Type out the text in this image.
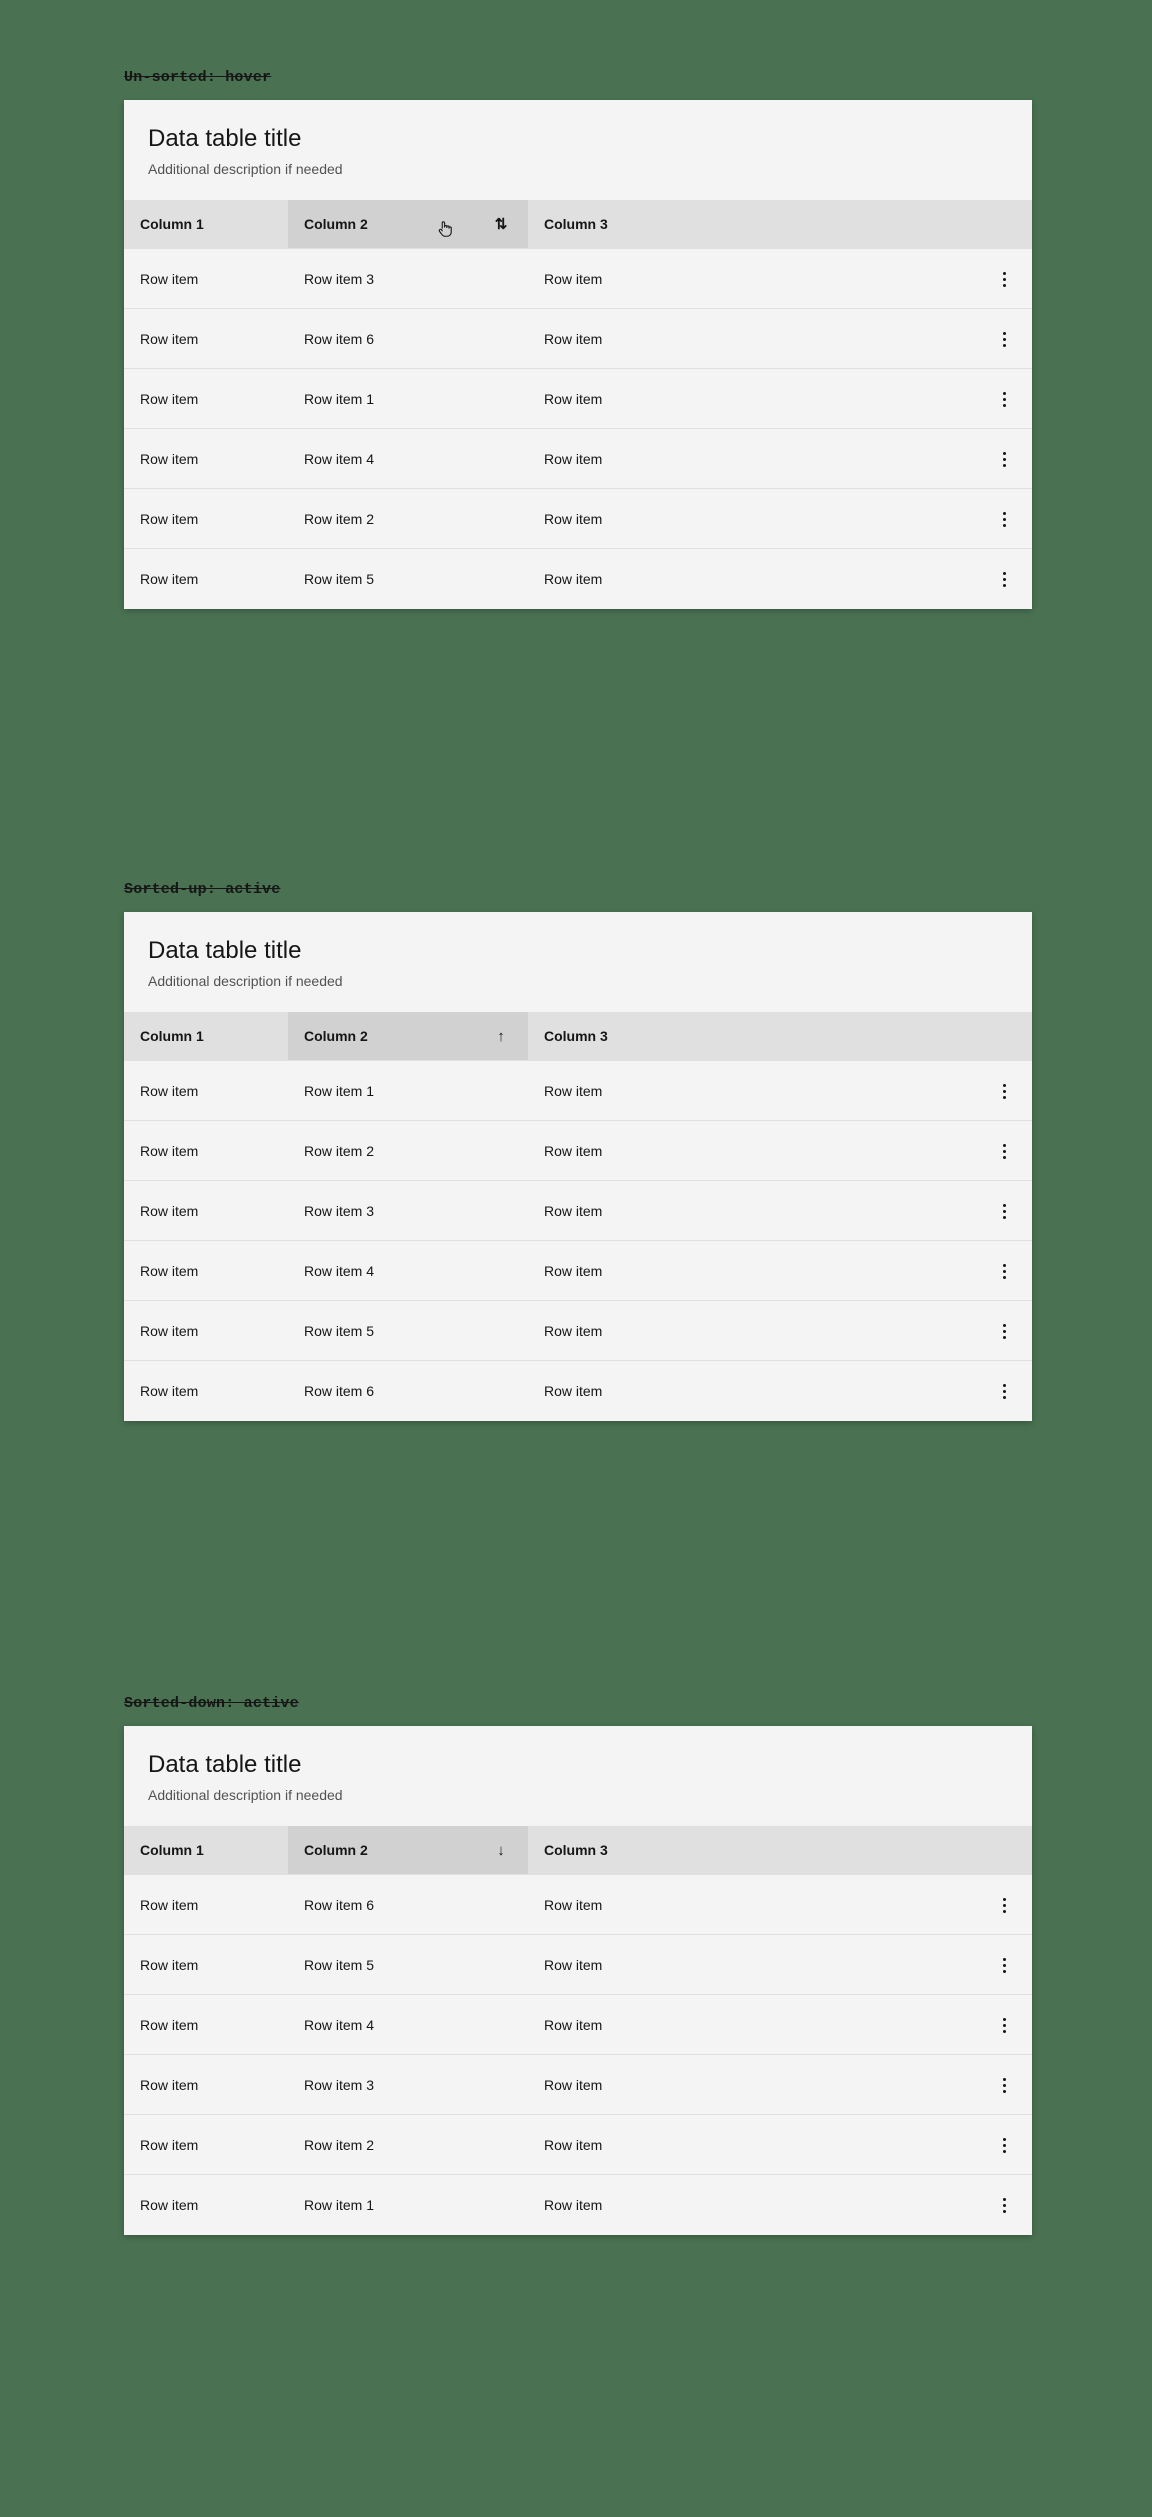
Un-sorted: hover
Data table title

Additional description if needed

Column 1	Column 2 ⇅	Column 3	

Row item	Row item 3	Row item	

Row item	Row item 6	Row item	

Row item	Row item 1	Row item	

Row item	Row item 4	Row item	

Row item	Row item 2	Row item	

Row item	Row item 5	Row item	
Sorted-up: active
Data table title

Additional description if needed

Column 1	Column 2 ↑	Column 3	

Row item	Row item 1	Row item	

Row item	Row item 2	Row item	

Row item	Row item 3	Row item	

Row item	Row item 4	Row item	

Row item	Row item 5	Row item	

Row item	Row item 6	Row item	
Sorted-down: active
Data table title

Additional description if needed

Column 1	Column 2 ↓	Column 3	

Row item	Row item 6	Row item	

Row item	Row item 5	Row item	

Row item	Row item 4	Row item	

Row item	Row item 3	Row item	

Row item	Row item 2	Row item	

Row item	Row item 1	Row item	
